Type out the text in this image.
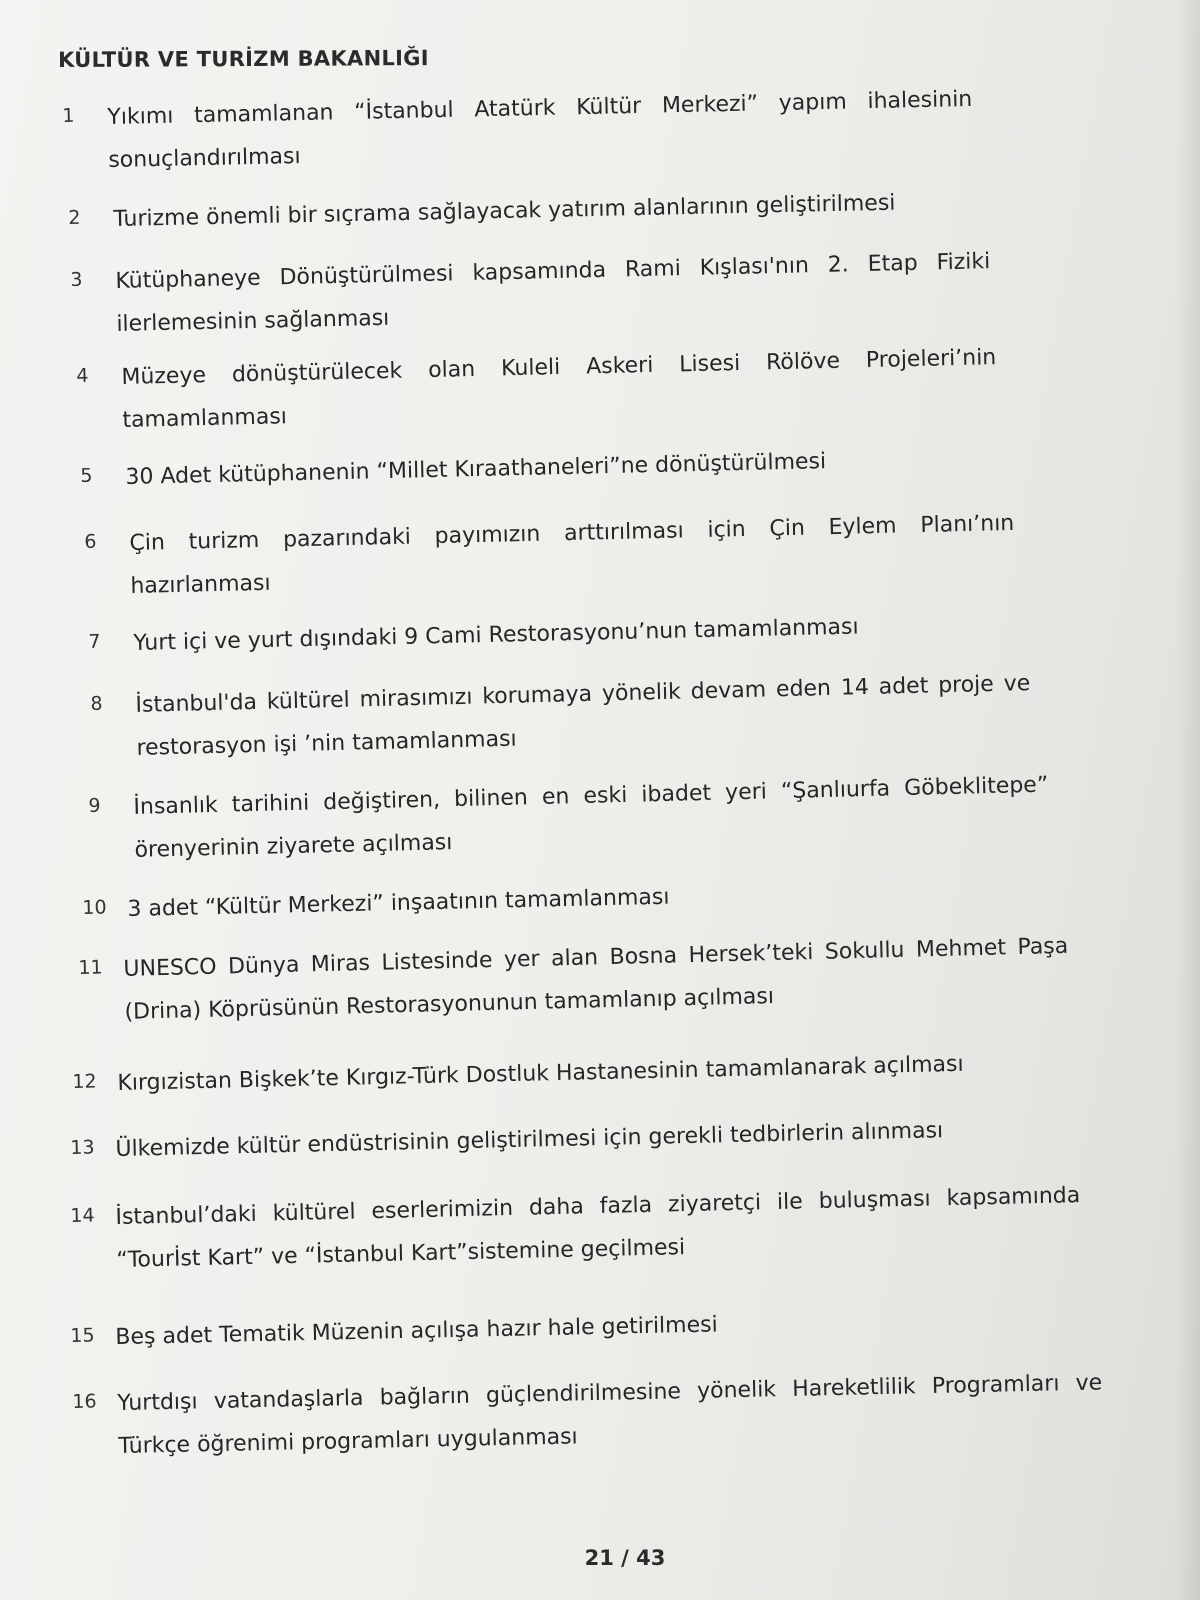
KÜLTÜR VE TURİZM BAKANLIĞI
1 Yıkımı tamamlanan “İstanbul Atatürk Kültür Merkezi” yapım ihalesinin sonuçlandırılması
2 Turizme önemli bir sıçrama sağlayacak yatırım alanlarının geliştirilmesi
3 Kütüphaneye Dönüştürülmesi kapsamında Rami Kışlası'nın 2. Etap Fiziki ilerlemesinin sağlanması
4 Müzeye dönüştürülecek olan Kuleli Askeri Lisesi Rölöve Projeleri’nin tamamlanması
5 30 Adet kütüphanenin “Millet Kıraathaneleri”ne dönüştürülmesi
6 Çin turizm pazarındaki payımızın arttırılması için Çin Eylem Planı’nın hazırlanması
7 Yurt içi ve yurt dışındaki 9 Cami Restorasyonu’nun tamamlanması
8 İstanbul'da kültürel mirasımızı korumaya yönelik devam eden 14 adet proje ve restorasyon işi ’nin tamamlanması
9 İnsanlık tarihini değiştiren, bilinen en eski ibadet yeri “Şanlıurfa Göbeklitepe” örenyerinin ziyarete açılması
10 3 adet “Kültür Merkezi” inşaatının tamamlanması
11 UNESCO Dünya Miras Listesinde yer alan Bosna Hersek’teki Sokullu Mehmet Paşa (Drina) Köprüsünün Restorasyonunun tamamlanıp açılması
12 Kırgızistan Bişkek’te Kırgız-Türk Dostluk Hastanesinin tamamlanarak açılması
13 Ülkemizde kültür endüstrisinin geliştirilmesi için gerekli tedbirlerin alınması
14 İstanbul’daki kültürel eserlerimizin daha fazla ziyaretçi ile buluşması kapsamında “Tourİst Kart” ve “İstanbul Kart”sistemine geçilmesi
15 Beş adet Tematik Müzenin açılışa hazır hale getirilmesi
16 Yurtdışı vatandaşlarla bağların güçlendirilmesine yönelik Hareketlilik Programları ve Türkçe öğrenimi programları uygulanması
21 / 43
